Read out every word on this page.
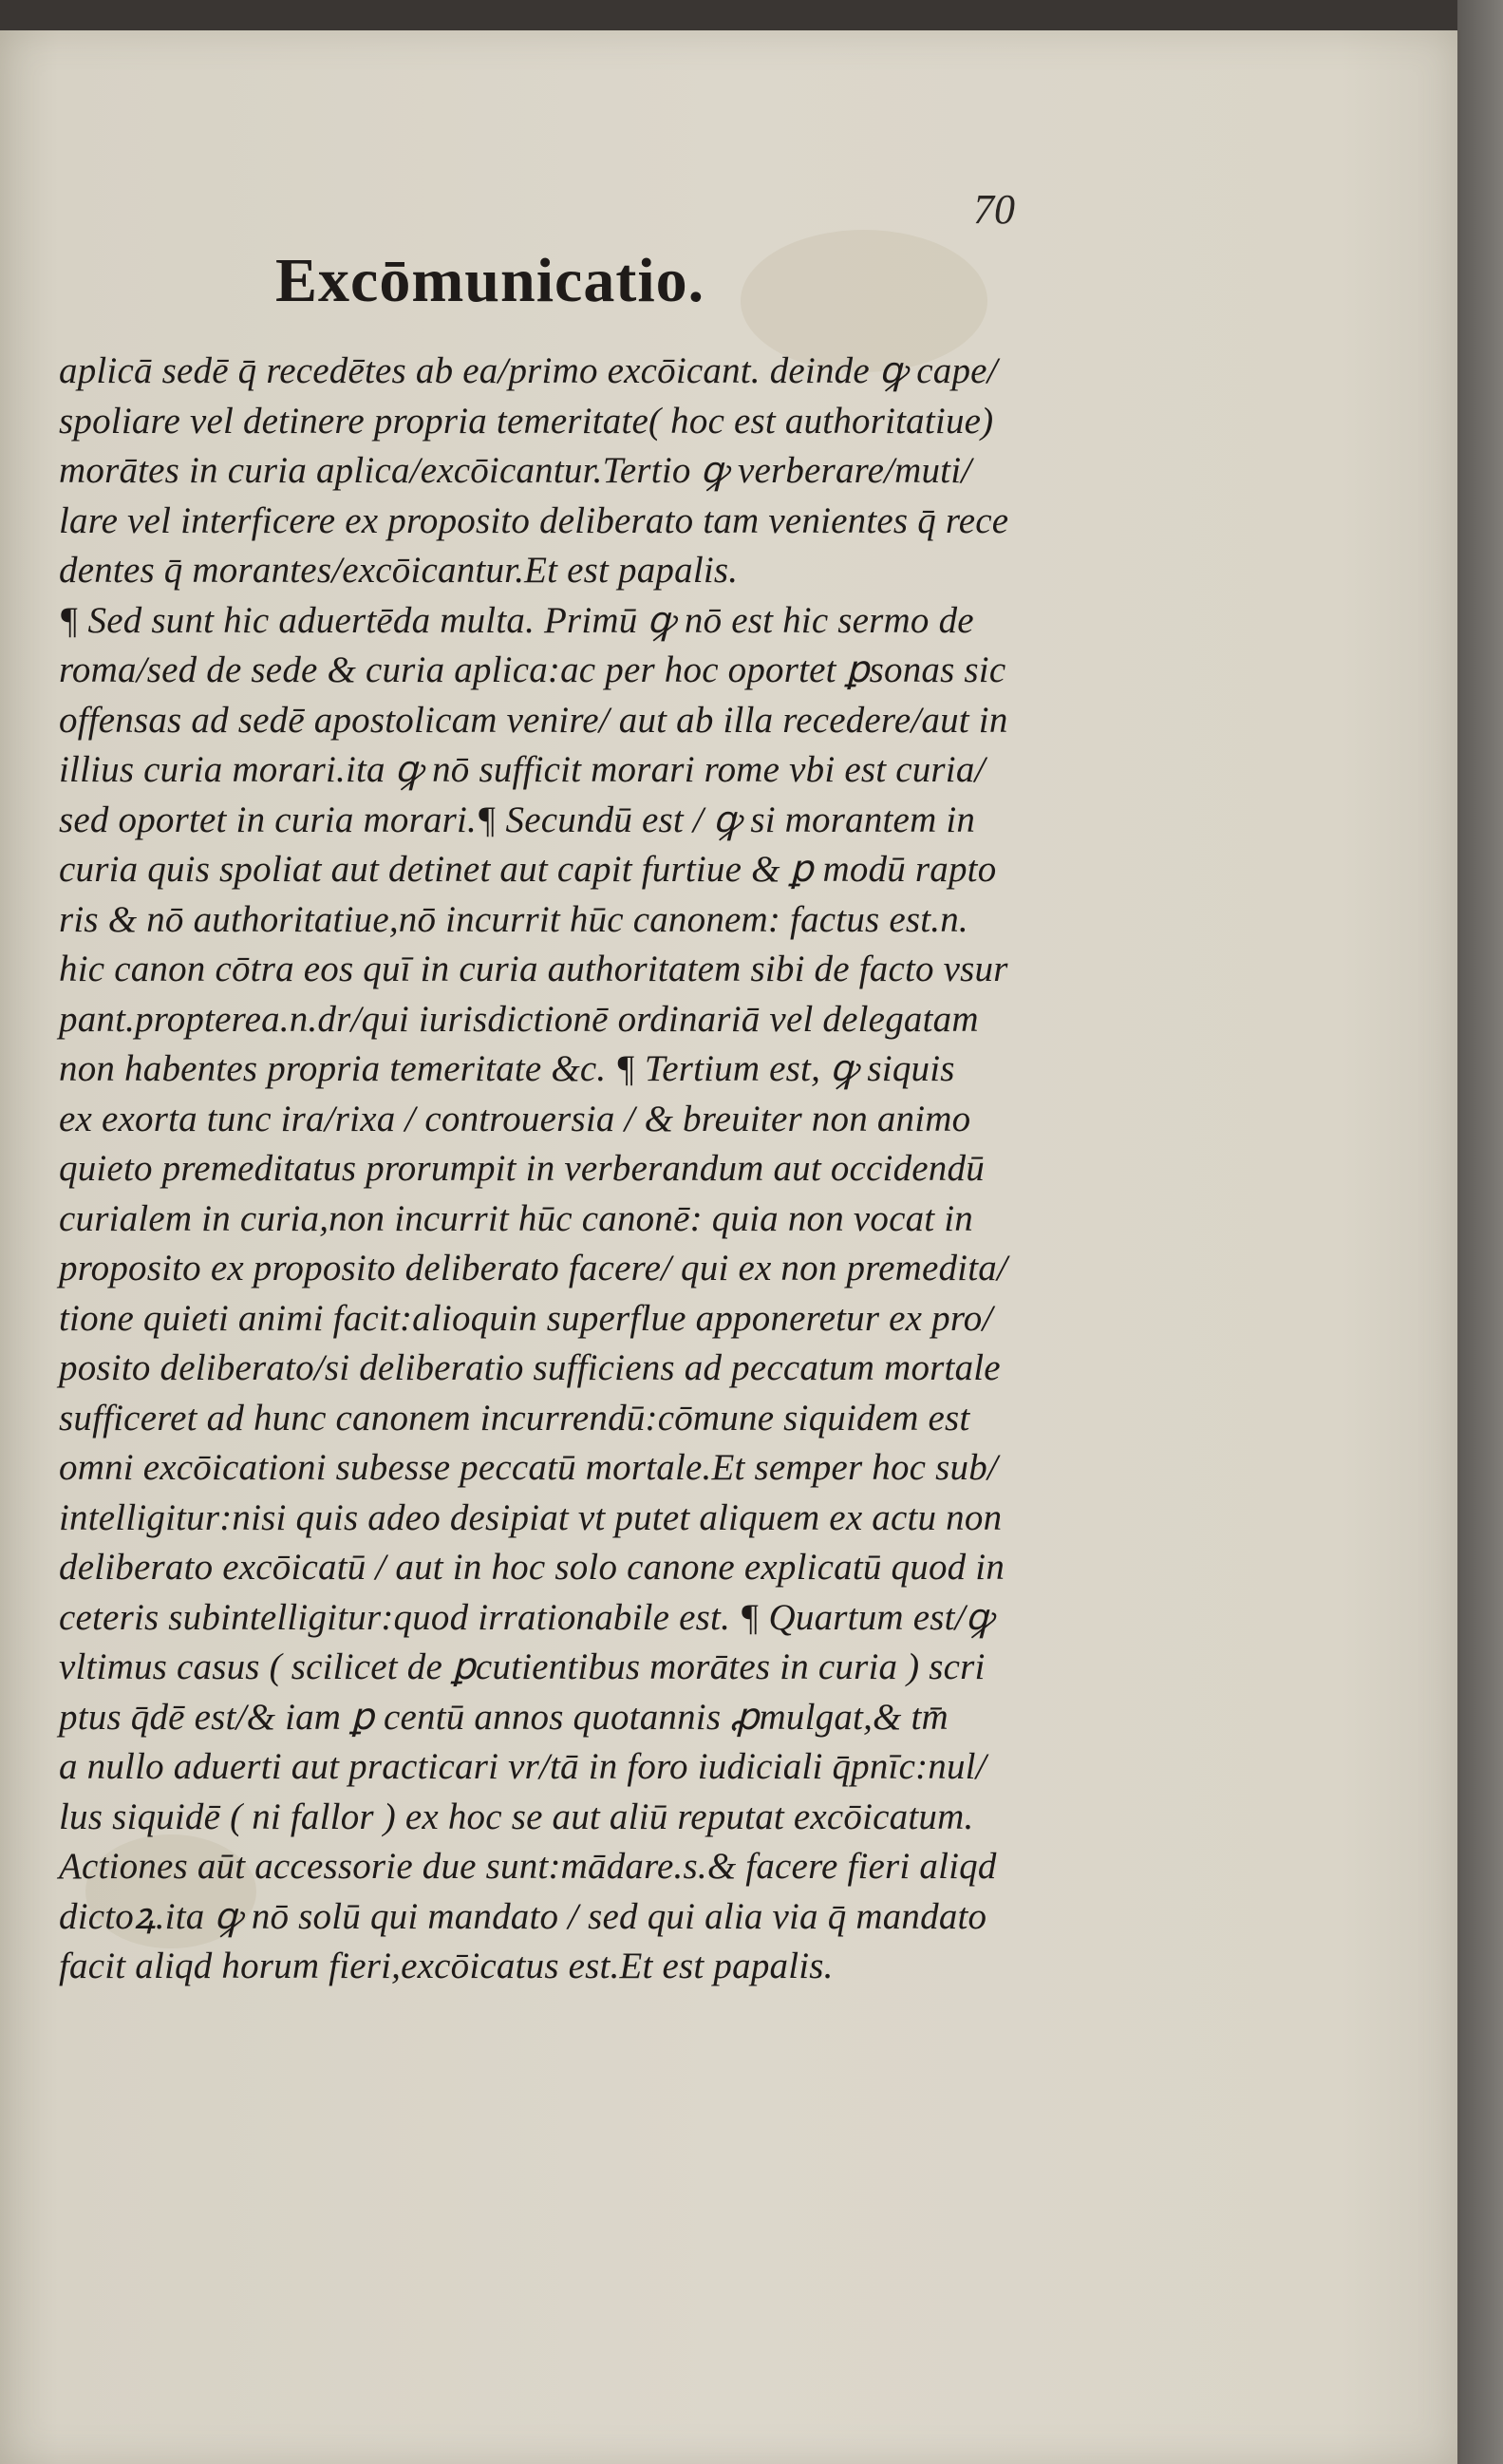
70
Excōmunicatio.
aplicā sedē q̄ recedētes ab ea/primo excōicant. deinde ꝙ cape/
spoliare vel detinere propria temeritate( hoc est authoritatiue)
morātes in curia aplica/excōicantur.Tertio ꝙ verberare/muti/
lare vel interficere ex proposito deliberato tam venientes q̄ rece
dentes q̄ morantes/excōicantur.Et est papalis.
¶ Sed sunt hic aduertēda multa. Primū ꝙ nō est hic sermo de
roma/sed de sede & curia aplica:ac per hoc oportet ꝑsonas sic
offensas ad sedē apostolicam venire/ aut ab illa recedere/aut in
illius curia morari.ita ꝙ nō sufficit morari rome vbi est curia/
sed oportet in curia morari.¶ Secundū est / ꝙ si morantem in
curia quis spoliat aut detinet aut capit furtiue & ꝑ modū rapto
ris & nō authoritatiue,nō incurrit hūc canonem: factus est.n.
hic canon cōtra eos quī in curia authoritatem sibi de facto vsur
pant.propterea.n.dr/qui iurisdictionē ordinariā vel delegatam
non habentes propria temeritate &c. ¶ Tertium est, ꝙ siquis
ex exorta tunc ira/rixa / controuersia / & breuiter non animo
quieto premeditatus prorumpit in verberandum aut occidendū
curialem in curia,non incurrit hūc canonē: quia non vocat in
proposito ex proposito deliberato facere/ qui ex non premedita/
tione quieti animi facit:alioquin superflue apponeretur ex pro/
posito deliberato/si deliberatio sufficiens ad peccatum mortale
sufficeret ad hunc canonem incurrendū:cōmune siquidem est
omni excōicationi subesse peccatū mortale.Et semper hoc sub/
intelligitur:nisi quis adeo desipiat vt putet aliquem ex actu non
deliberato excōicatū / aut in hoc solo canone explicatū quod in
ceteris subintelligitur:quod irrationabile est. ¶ Quartum est/ꝙ
vltimus casus ( scilicet de ꝑcutientibus morātes in curia ) scri
ptus q̄dē est/& iam ꝑ centū annos quotannis ꝓmulgat,& tm̄
a nullo aduerti aut practicari vr/tā in foro iudiciali q̄pnīc:nul/
lus siquidē ( ni fallor ) ex hoc se aut aliū reputat excōicatum.
Actiones aūt accessorie due sunt:mādare.s.& facere fieri aliqd
dictoꝝ.ita ꝙ nō solū qui mandato / sed qui alia via q̄ mandato
facit aliqd horum fieri,excōicatus est.Et est papalis.
